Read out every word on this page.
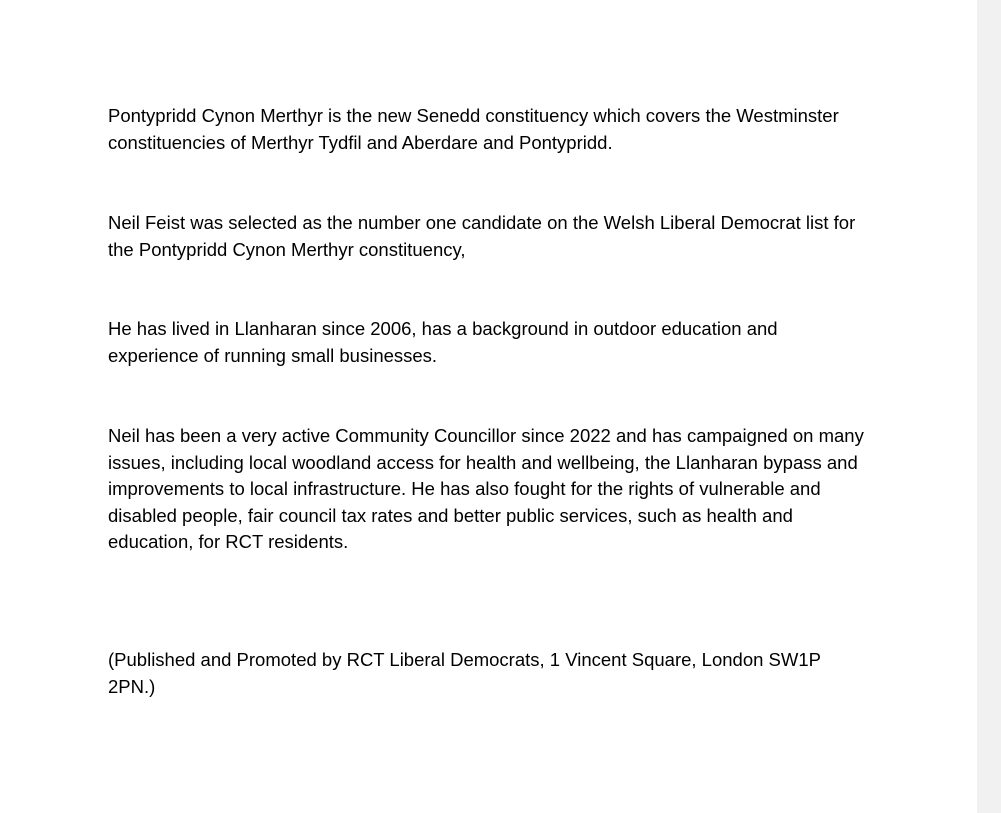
Pontypridd Cynon Merthyr is the new Senedd constituency which covers the Westminster constituencies of Merthyr Tydfil and Aberdare and Pontypridd.

Neil Feist was selected as the number one candidate on the Welsh Liberal Democrat list for the Pontypridd Cynon Merthyr constituency,

He has lived in Llanharan since 2006, has a background in outdoor education and experience of running small businesses.

Neil has been a very active Community Councillor since 2022 and has campaigned on many issues, including local woodland access for health and wellbeing, the Llanharan bypass and improvements to local infrastructure. He has also fought for the rights of vulnerable and disabled people, fair council tax rates and better public services, such as health and education, for RCT residents.

(Published and Promoted by RCT Liberal Democrats, 1 Vincent Square, London SW1P 2PN.)
